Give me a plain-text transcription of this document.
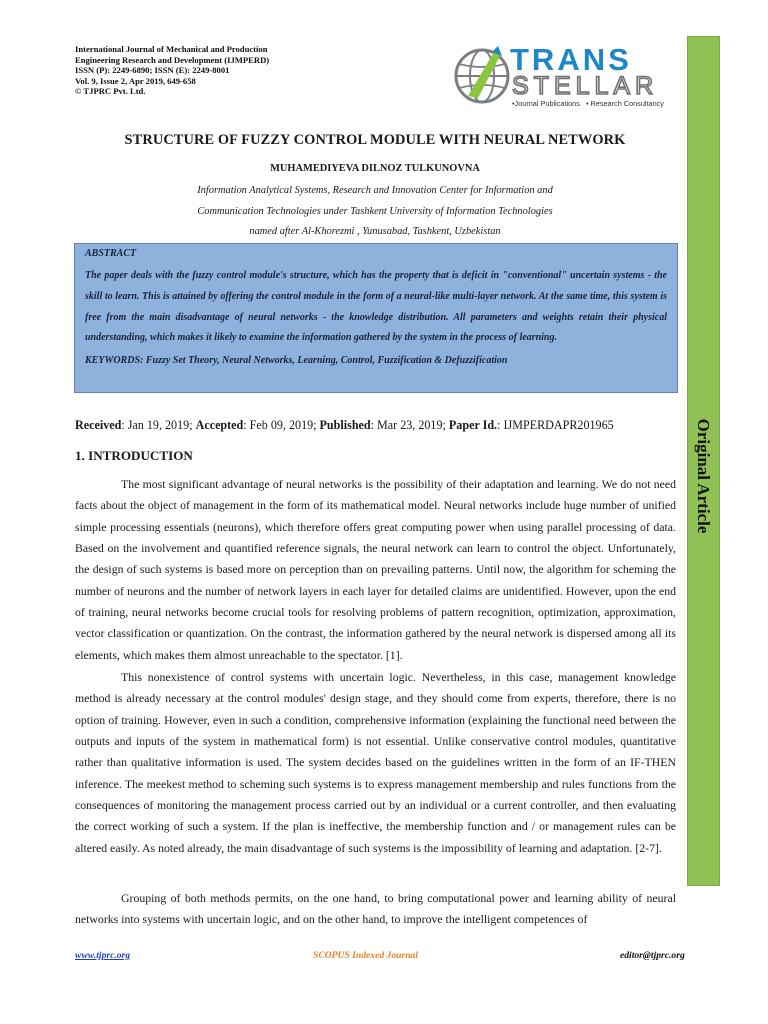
International Journal of Mechanical and Production
Engineering Research and Development (IJMPERD)
ISSN (P): 2249-6890; ISSN (E): 2249-8001
Vol. 9, Issue 2, Apr 2019, 649-658
© TJPRC Pvt. Ltd.
TRANS
STELLAR
•Journal Publications   • Research Consultancy
Original Article
STRUCTURE OF FUZZY CONTROL MODULE WITH NEURAL NETWORK
MUHAMEDIYEVA DILNOZ TULKUNOVNA
Information Analytical Systems, Research and Innovation Center for Information and
Communication Technologies under Tashkent University of Information Technologies
named after Al-Khorezmi , Yunusabad, Tashkent, Uzbekistan
ABSTRACT
The paper deals with the fuzzy control module's structure, which has the property that is deficit in "conventional" uncertain systems - the skill to learn. This is attained by offering the control module in the form of a neural-like multi-layer network. At the same time, this system is free from the main disadvantage of neural networks - the knowledge distribution. All parameters and weights retain their physical understanding, which makes it likely to examine the information gathered by the system in the process of learning.
KEYWORDS: Fuzzy Set Theory, Neural Networks, Learning, Control, Fuzzification & Defuzzification
Received: Jan 19, 2019; Accepted: Feb 09, 2019; Published: Mar 23, 2019; Paper Id.: IJMPERDAPR201965
1. INTRODUCTION

The most significant advantage of neural networks is the possibility of their adaptation and learning. We do not need facts about the object of management in the form of its mathematical model. Neural networks include huge number of unified simple processing essentials (neurons), which therefore offers great computing power when using parallel processing of data. Based on the involvement and quantified reference signals, the neural network can learn to control the object. Unfortunately, the design of such systems is based more on perception than on prevailing patterns. Until now, the algorithm for scheming the number of neurons and the number of network layers in each layer for detailed claims are unidentified. However, upon the end of training, neural networks become crucial tools for resolving problems of pattern recognition, optimization, approximation, vector classification or quantization. On the contrast, the information gathered by the neural network is dispersed among all its elements, which makes them almost unreachable to the spectator. [1].

This nonexistence of control systems with uncertain logic. Nevertheless, in this case, management knowledge method is already necessary at the control modules' design stage, and they should come from experts, therefore, there is no option of training. However, even in such a condition, comprehensive information (explaining the functional need between the outputs and inputs of the system in mathematical form) is not essential. Unlike conservative control modules, quantitative rather than qualitative information is used. The system decides based on the guidelines written in the form of an IF-THEN inference. The meekest method to scheming such systems is to express management membership and rules functions from the consequences of monitoring the management process carried out by an individual or a current controller, and then evaluating the correct working of such a system. If the plan is ineffective, the membership function and / or management rules can be altered easily. As noted already, the main disadvantage of such systems is the impossibility of learning and adaptation. [2-7].

Grouping of both methods permits, on the one hand, to bring computational power and learning ability of neural networks into systems with uncertain logic, and on the other hand, to improve the intelligent competences of

www.tjprc.org	SCOPUS Indexed Journal	editor@tjprc.org
